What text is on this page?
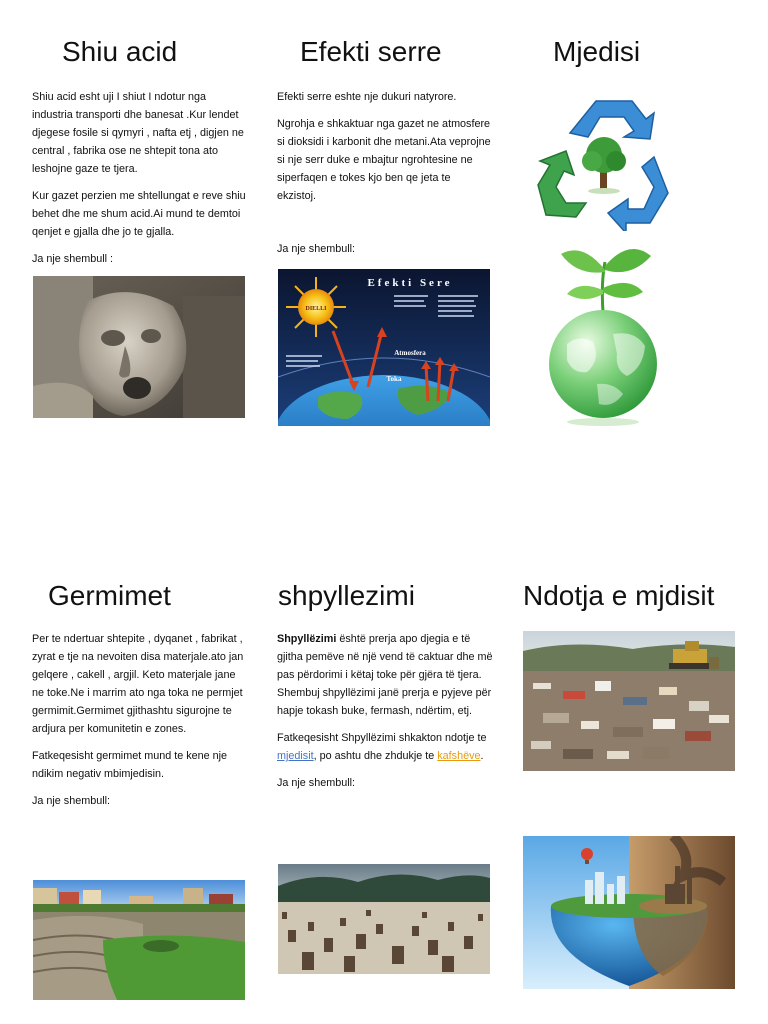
Shiu acid

Shiu acid esht uji I shiut I ndotur nga industria transporti dhe banesat .Kur lendet djegese fosile si qymyri , nafta etj , digjen ne central , fabrika ose ne shtepit tona ato leshojne gaze te tjera.

Kur gazet perzien me shtellungat e reve shiu behet dhe me shum acid.Ai mund te demtoi qenjet e gjalla dhe jo te gjalla.

Ja nje shembull :

Efekti serre

Efekti serre eshte nje dukuri natyrore.

Ngrohja e shkaktuar nga gazet ne atmosfere si dioksidi i karbonit dhe metani.Ata veprojne si nje serr duke e mbajtur ngrohtesine ne siperfaqen e tokes kjo ben qe jeta te ekzistoj.

Ja nje shembull:
DIELLI
Efekti Sere
Atmosfera
Toka
Mjedisi
Germimet

Per te ndertuar shtepite , dyqanet , fabrikat , zyrat e tje na nevoiten disa materjale.ato jan gelqere , cakell , argjil. Keto materjale jane ne toke.Ne i marrim ato nga toka ne permjet germimit.Germimet gjithashtu sigurojne te ardjura per komunitetin e zones.

Fatkeqesisht germimet mund te kene nje ndikim negativ mbimjedisin.

Ja nje shembull:

shpyllezimi

Shpyllëzimi është prerja apo djegia e të gjitha pemëve në një vend të caktuar dhe më pas përdorimi i këtaj toke për gjëra të tjera. Shembuj shpyllëzimi janë prerja e pyjeve për hapje tokash buke, fermash, ndërtim, etj.

Fatkeqesisht Shpyllëzimi shkakton ndotje te mjedisit, po ashtu dhe zhdukje te kafshëve.

Ja nje shembull:

Ndotja e mjdisit
